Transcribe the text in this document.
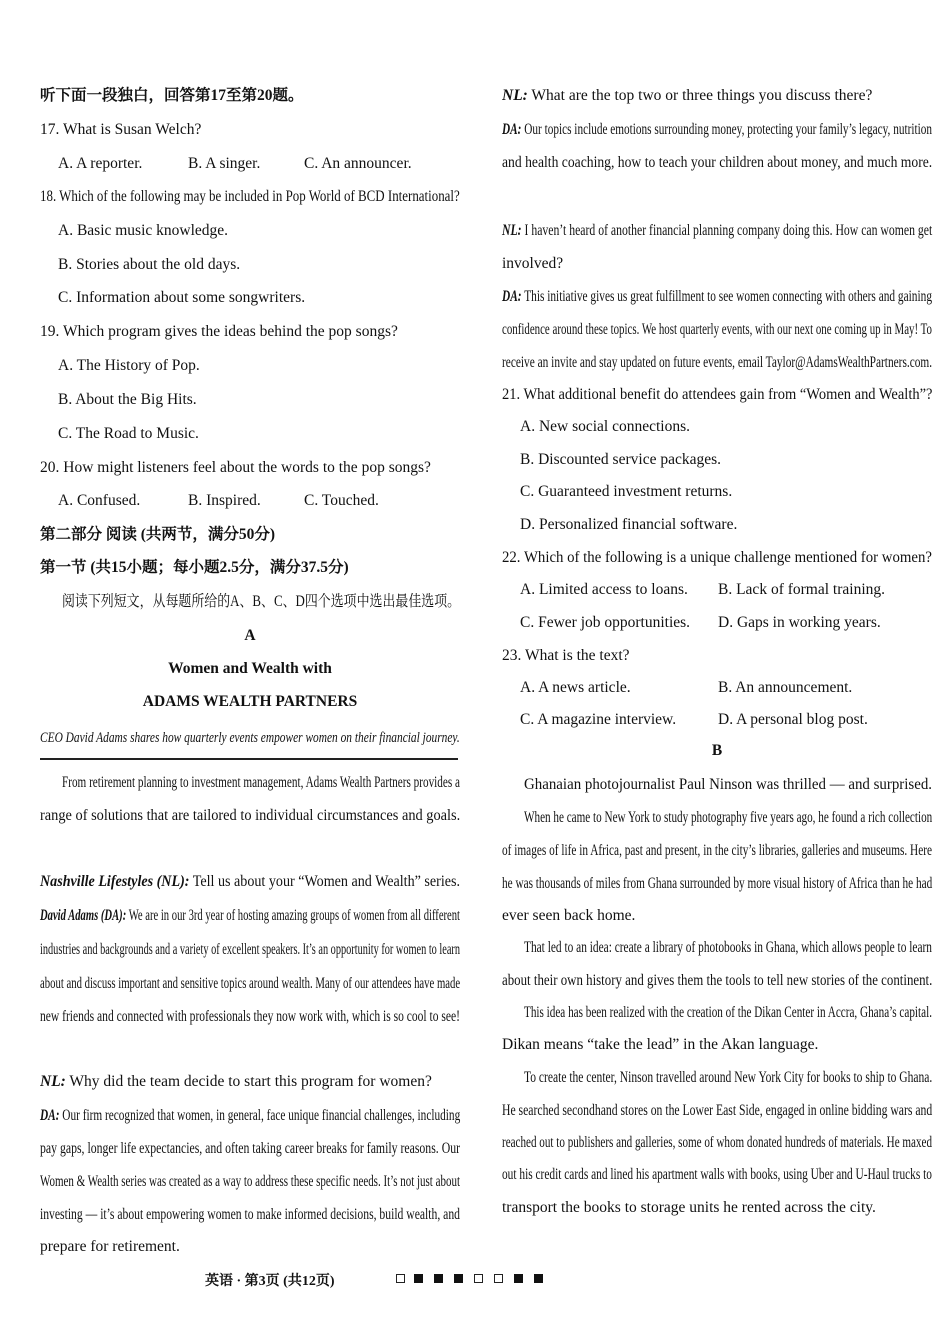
听下面一段独白，回答第17至第20题。
17. What is Susan Welch?
A. A reporter.	B. A singer.	C. An announcer.
18. Which of the following may be included in Pop World of BCD International?
A. Basic music knowledge.
B. Stories about the old days.
C. Information about some songwriters.
19. Which program gives the ideas behind the pop songs?
A. The History of Pop.
B. About the Big Hits.
C. The Road to Music.
20. How might listeners feel about the words to the pop songs?
A. Confused.	B. Inspired.	C. Touched.
第二部分 阅读 (共两节，满分50分)
第一节 (共15小题；每小题2.5分，满分37.5分)
阅读下列短文，从每题所给的A、B、C、D四个选项中选出最佳选项。
A
Women and Wealth with
ADAMS WEALTH PARTNERS
CEO David Adams shares how quarterly events empower women on their financial journey.
From retirement planning to investment management, Adams Wealth Partners provides a
range of solutions that are tailored to individual circumstances and goals.
Nashville Lifestyles (NL): Tell us about your “Women and Wealth” series.
David Adams (DA): We are in our 3rd year of hosting amazing groups of women from all different
industries and backgrounds and a variety of excellent speakers. It’s an opportunity for women to learn
about and discuss important and sensitive topics around wealth. Many of our attendees have made
new friends and connected with professionals they now work with, which is so cool to see!
NL: Why did the team decide to start this program for women?
DA: Our firm recognized that women, in general, face unique financial challenges, including
pay gaps, longer life expectancies, and often taking career breaks for family reasons. Our
Women & Wealth series was created as a way to address these specific needs. It’s not just about
investing — it’s about empowering women to make informed decisions, build wealth, and
prepare for retirement.
NL: What are the top two or three things you discuss there?
DA: Our topics include emotions surrounding money, protecting your family’s legacy, nutrition
and health coaching, how to teach your children about money, and much more.
NL: I haven’t heard of another financial planning company doing this. How can women get
involved?
DA: This initiative gives us great fulfillment to see women connecting with others and gaining
confidence around these topics. We host quarterly events, with our next one coming up in May! To
receive an invite and stay updated on future events, email Taylor@AdamsWealthPartners.com.
21. What additional benefit do attendees gain from “Women and Wealth”?
A. New social connections.
B. Discounted service packages.
C. Guaranteed investment returns.
D. Personalized financial software.
22. Which of the following is a unique challenge mentioned for women?
A. Limited access to loans.	B. Lack of formal training.
C. Fewer job opportunities.	D. Gaps in working years.
23. What is the text?
A. A news article.	B. An announcement.
C. A magazine interview.	D. A personal blog post.
B
Ghanaian photojournalist Paul Ninson was thrilled — and surprised.
When he came to New York to study photography five years ago, he found a rich collection
of images of life in Africa, past and present, in the city’s libraries, galleries and museums. Here
he was thousands of miles from Ghana surrounded by more visual history of Africa than he had
ever seen back home.
That led to an idea: create a library of photobooks in Ghana, which allows people to learn
about their own history and gives them the tools to tell new stories of the continent.
This idea has been realized with the creation of the Dikan Center in Accra, Ghana’s capital.
Dikan means “take the lead” in the Akan language.
To create the center, Ninson travelled around New York City for books to ship to Ghana.
He searched secondhand stores on the Lower East Side, engaged in online bidding wars and
reached out to publishers and galleries, some of whom donated hundreds of materials. He maxed
out his credit cards and lined his apartment walls with books, using Uber and U-Haul trucks to
transport the books to storage units he rented across the city.
英语 · 第3页 (共12页)
